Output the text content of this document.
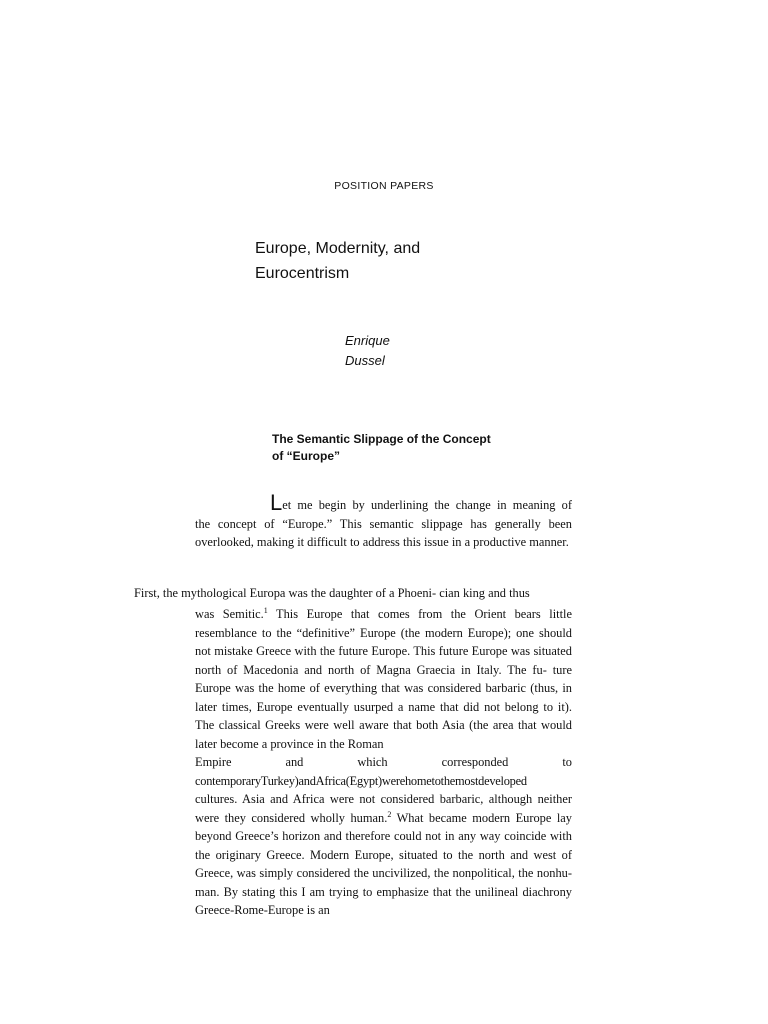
POSITION PAPERS
Europe, Modernity, and
Eurocentrism
Enrique
Dussel
The Semantic Slippage of the Concept
of “Europe”
Let me begin by underlining the change in meaning of
the concept of “Europe.” This semantic slippage has generally been overlooked, making it difficult to address this issue in a productive manner.
First, the mythological Europa was the daughter of a Phoeni- cian king and thus
was Semitic.$^1$ This Europe that comes from the Orient bears little resemblance to the “definitive” Europe (the modern Europe); one should not mistake Greece with the future Europe. This future Europe was situated north of Macedonia and north of Magna Graecia in Italy. The fu- ture Europe was the home of everything that was considered barbaric (thus, in later times, Europe eventually usurped a name that did not belong to it). The classical Greeks were well aware that both Asia (the area that would later become a province in the Roman
Empire and which corresponded to
contemporaryTurkey)andAfrica(Egypt)werehometothemostdeveloped
cultures. Asia and Africa were not considered barbaric, although neither were they considered wholly human.$^2$ What became modern Europe lay beyond Greece’s horizon and therefore could not in any way coincide with the originary Greece. Modern Europe, situated to the north and west of Greece, was simply considered the uncivilized, the nonpolitical, the nonhu- man. By stating this I am trying to emphasize that the unilineal diachrony Greece-Rome-Europe is an
